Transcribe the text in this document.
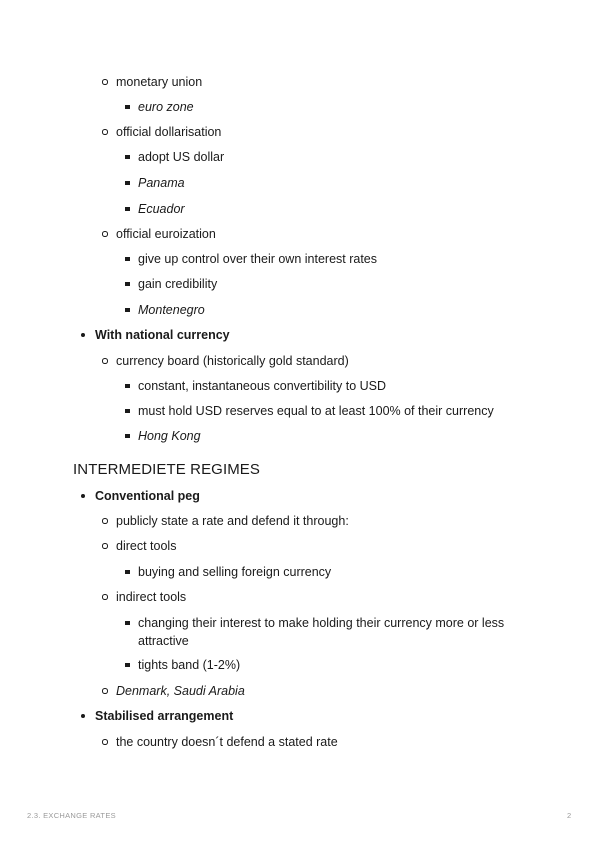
monetary union
euro zone
official dollarisation
adopt US dollar
Panama
Ecuador
official euroization
give up control over their own interest rates
gain credibility
Montenegro
With national currency
currency board (historically gold standard)
constant, instantaneous convertibility to USD
must hold USD reserves equal to at least 100% of their currency
Hong Kong
INTERMEDIETE REGIMES
Conventional peg
publicly state a rate and defend it through:
direct tools
buying and selling foreign currency
indirect tools
changing their interest to make holding their currency more or less
attractive
tights band (1-2%)
Denmark, Saudi Arabia
Stabilised arrangement
the country doesn´t defend a stated rate
2.3. EXCHANGE RATES	2
